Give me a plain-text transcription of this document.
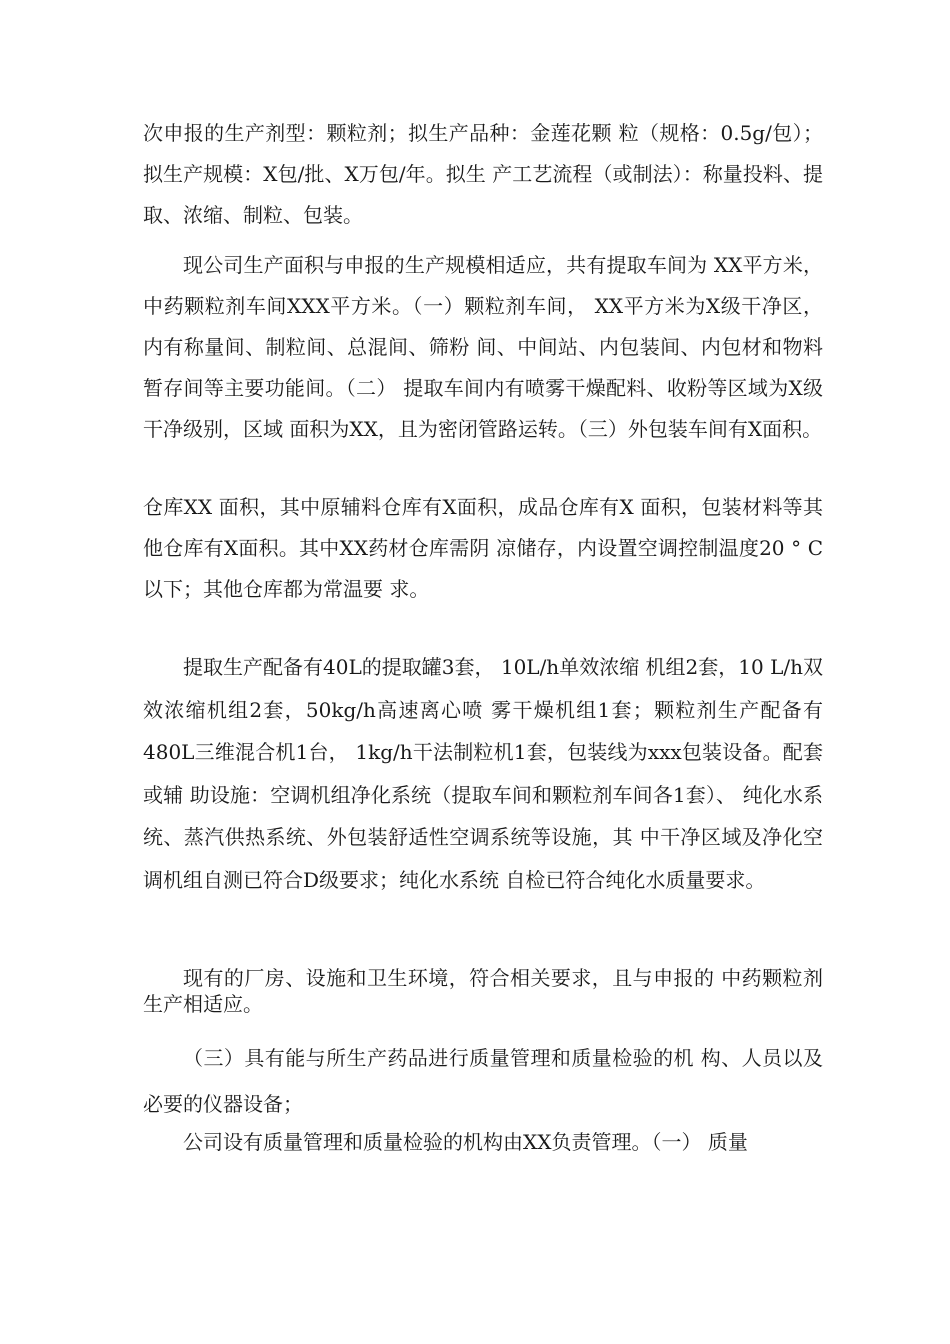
次申报的生产剂型：颗粒剂；拟生产品种：金莲花颗 粒（规格：0.5g/包）；拟生产规模：X包/批、X万包/年。拟生 产工艺流程（或制法）：称量投料、提取、浓缩、制粒、包装。

现公司生产面积与申报的生产规模相适应，共有提取车间为 XX平方米，中药颗粒剂车间XXX平方米。（一）颗粒剂车间， XX平方米为X级干净区，内有称量间、制粒间、总混间、筛粉 间、中间站、内包装间、内包材和物料暂存间等主要功能间。（二） 提取车间内有喷雾干燥配料、收粉等区域为X级干净级别，区域 面积为XX，且为密闭管路运转。（三）外包装车间有X面积。

仓库XX 面积，其中原辅料仓库有X面积，成品仓库有X 面积，包装材料等其他仓库有X面积。其中XX药材仓库需阴 凉储存，内设置空调控制温度20 ° C以下；其他仓库都为常温要 求。

提取生产配备有40L的提取罐3套， 10L/h单效浓缩 机组2套，10 L/h双效浓缩机组2套，50kg/h高速离心喷 雾干燥机组1套；颗粒剂生产配备有480L三维混合机1台， 1kg/h干法制粒机1套，包装线为xxx包装设备。配套或辅 助设施：空调机组净化系统（提取车间和颗粒剂车间各1套）、 纯化水系统、蒸汽供热系统、外包装舒适性空调系统等设施，其 中干净区域及净化空调机组自测已符合D级要求；纯化水系统 自检已符合纯化水质量要求。

现有的厂房、设施和卫生环境，符合相关要求，且与申报的 中药颗粒剂生产相适应。

（三）具有能与所生产药品进行质量管理和质量检验的机 构、人员以及必要的仪器设备；

公司设有质量管理和质量检验的机构由XX负责管理。（一） 质量
